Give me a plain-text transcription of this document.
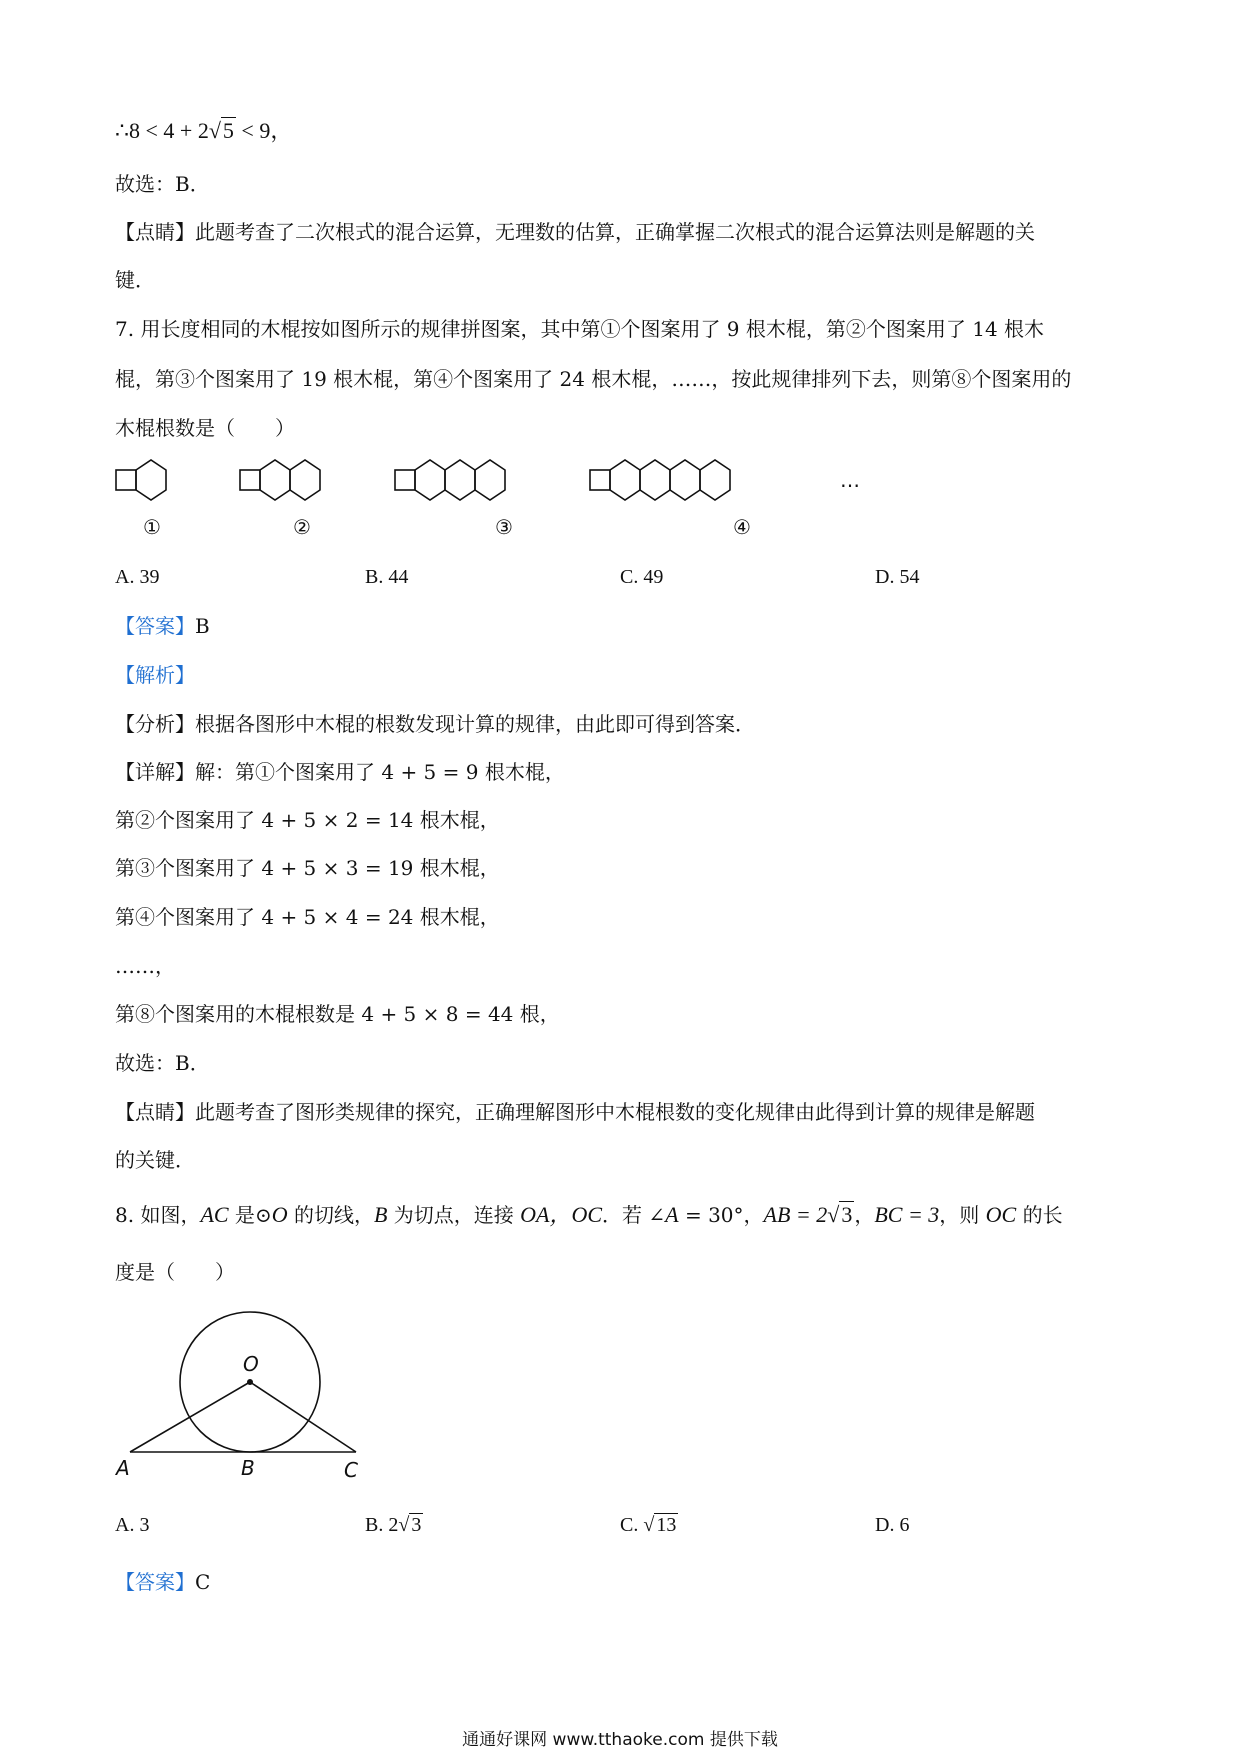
∴8 < 4 + 2√5 < 9，
故选：B．
【点睛】此题考查了二次根式的混合运算，无理数的估算，正确掌握二次根式的混合运算法则是解题的关
键．
7. 用长度相同的木棍按如图所示的规律拼图案，其中第①个图案用了 9 根木棍，第②个图案用了 14 根木
棍，第③个图案用了 19 根木棍，第④个图案用了 24 根木棍，……，按此规律排列下去，则第⑧个图案用的
木棍根数是（　　）
①	②	③	④
…
A. 39	B. 44	C. 49	D. 54
【答案】B
【解析】
【分析】根据各图形中木棍的根数发现计算的规律，由此即可得到答案．
【详解】解：第①个图案用了 4 + 5 = 9 根木棍，
第②个图案用了 4 + 5 × 2 = 14 根木棍，
第③个图案用了 4 + 5 × 3 = 19 根木棍，
第④个图案用了 4 + 5 × 4 = 24 根木棍，
……，
第⑧个图案用的木棍根数是 4 + 5 × 8 = 44 根，
故选：B．
【点睛】此题考查了图形类规律的探究，正确理解图形中木棍根数的变化规律由此得到计算的规律是解题
的关键．
8. 如图，AC 是⊙O 的切线，B 为切点，连接 OA，OC．若 ∠A = 30°，AB = 2√3 ，BC = 3，则 OC 的长
度是（　　）
O
A	B	C
A. 3	B. 2√ 3	C. √ 13	D. 6
【答案】C
通通好课网 www.tthaoke.com 提供下载
